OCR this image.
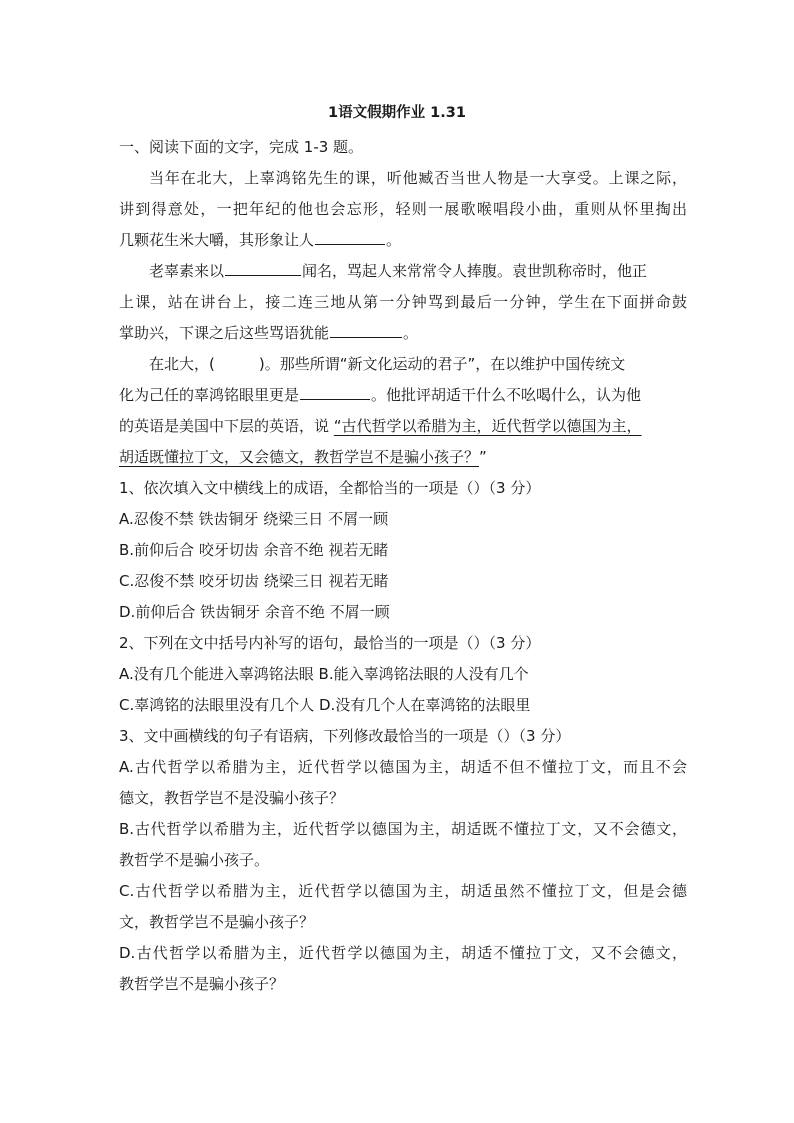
1语文假期作业 1.31
一、阅读下面的文字，完成 1-3 题。
当年在北大，上辜鸿铭先生的课，听他臧否当世人物是一大享受。上课之际，
讲到得意处，一把年纪的他也会忘形，轻则一展歌喉唱段小曲，重则从怀里掏出
几颗花生米大嚼，其形象让人	。
老辜素来以	闻名，骂起人来常常令人捧腹。袁世凯称帝时，他正
上课，站在讲台上，接二连三地从第一分钟骂到最后一分钟，学生在下面拼命鼓
掌助兴，下课之后这些骂语犹能	。
在北大，(	)。那些所谓“新文化运动的君子”，在以维护中国传统文
化为己任的辜鸿铭眼里更是	。他批评胡适干什么不吆喝什么，认为他
的英语是美国中下层的英语，说 “古代哲学以希腊为主，近代哲学以德国为主，
胡适既懂拉丁文，又会德文，教哲学岂不是骗小孩子？”
1、依次填入文中横线上的成语，全都恰当的一项是（）（3 分）
A.忍俊不禁 铁齿铜牙 绕梁三日 不屑一顾
B.前仰后合 咬牙切齿 余音不绝 视若无睹
C.忍俊不禁 咬牙切齿 绕梁三日 视若无睹
D.前仰后合 铁齿铜牙 余音不绝 不屑一顾
2、下列在文中括号内补写的语句，最恰当的一项是（）（3 分）
A.没有几个能进入辜鸿铭法眼 B.能入辜鸿铭法眼的人没有几个
C.辜鸿铭的法眼里没有几个人 D.没有几个人在辜鸿铭的法眼里
3、文中画横线的句子有语病，下列修改最恰当的一项是（）（3 分）
A.古代哲学以希腊为主，近代哲学以德国为主，胡适不但不懂拉丁文，而且不会
德文，教哲学岂不是没骗小孩子？
B.古代哲学以希腊为主，近代哲学以德国为主，胡适既不懂拉丁文，又不会德文，
教哲学不是骗小孩子。
C.古代哲学以希腊为主，近代哲学以德国为主，胡适虽然不懂拉丁文，但是会德
文，教哲学岂不是骗小孩子？
D.古代哲学以希腊为主，近代哲学以德国为主，胡适不懂拉丁文，又不会德文，
教哲学岂不是骗小孩子？
